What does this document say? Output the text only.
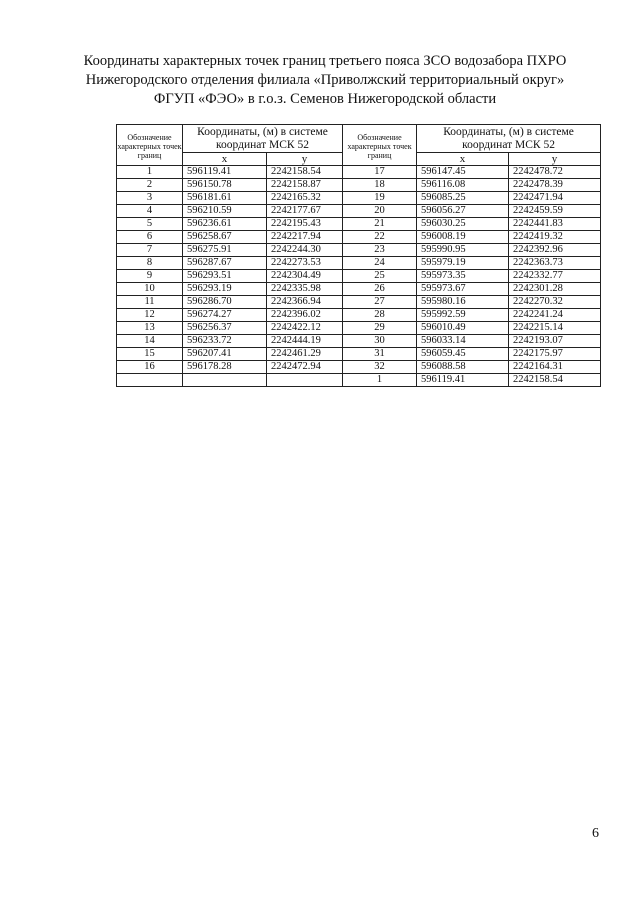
Координаты характерных точек границ третьего пояса ЗСО водозабора ПХРО
Нижегородского отделения филиала «Приволжский территориальный округ»
ФГУП «ФЭО» в г.о.з. Семенов Нижегородской области
Обозначение характерных точек границ	Координаты, (м) в системе координат МСК 52		Обозначение характерных точек границ	Координаты, (м) в системе координат МСК 52	
	x	y		x	y
1	596119.41	2242158.54	17	596147.45	2242478.72
2	596150.78	2242158.87	18	596116.08	2242478.39
3	596181.61	2242165.32	19	596085.25	2242471.94
4	596210.59	2242177.67	20	596056.27	2242459.59
5	596236.61	2242195.43	21	596030.25	2242441.83
6	596258.67	2242217.94	22	596008.19	2242419.32
7	596275.91	2242244.30	23	595990.95	2242392.96
8	596287.67	2242273.53	24	595979.19	2242363.73
9	596293.51	2242304.49	25	595973.35	2242332.77
10	596293.19	2242335.98	26	595973.67	2242301.28
11	596286.70	2242366.94	27	595980.16	2242270.32
12	596274.27	2242396.02	28	595992.59	2242241.24
13	596256.37	2242422.12	29	596010.49	2242215.14
14	596233.72	2242444.19	30	596033.14	2242193.07
15	596207.41	2242461.29	31	596059.45	2242175.97
16	596178.28	2242472.94	32	596088.58	2242164.31
			1	596119.41	2242158.54
6
